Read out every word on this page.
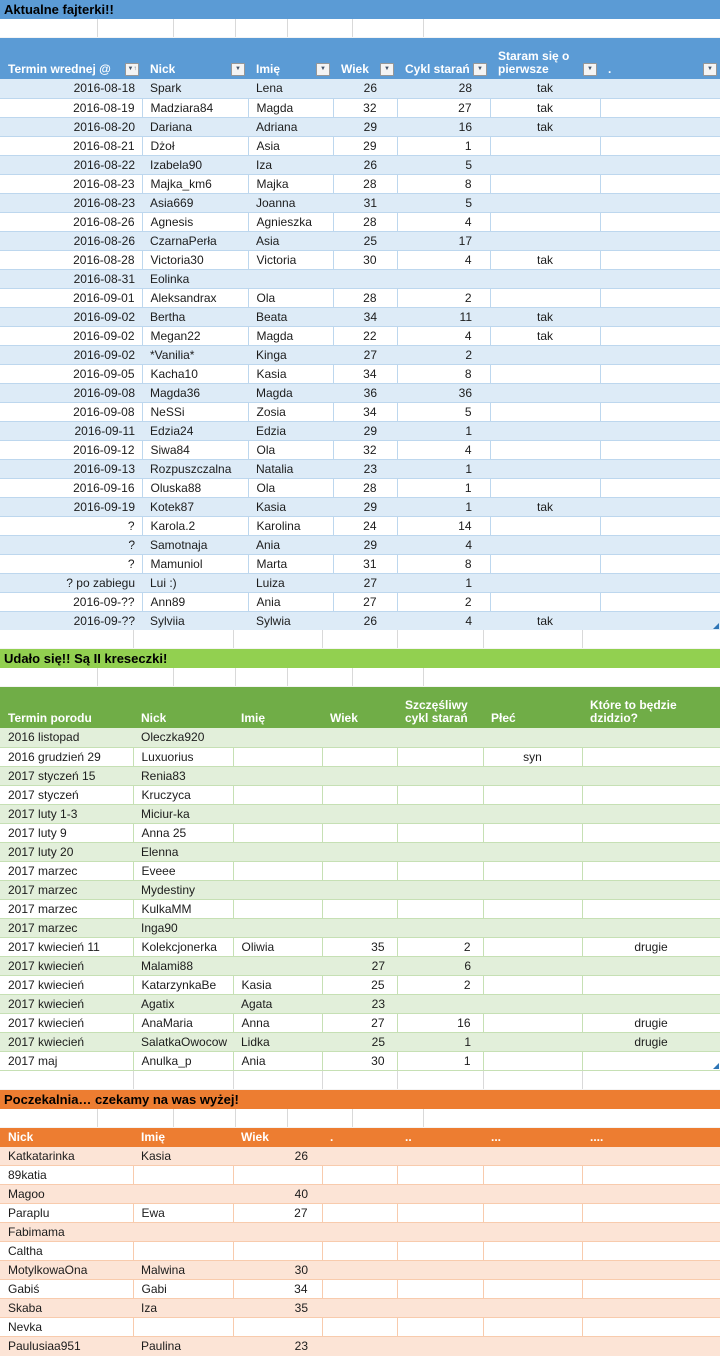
Aktualne fajterki!!
Termin wrednej @ ▼↑	Nick ▼	Imię ▼	Wiek ▼	Cykl starań ▼	Staram się o pierwsze ▼	. ▼

2016-08-18	Spark	Lena	26	28	tak	
2016-08-19	Madziara84	Magda	32	27	tak	
2016-08-20	Dariana	Adriana	29	16	tak	
2016-08-21	Dżoł	Asia	29	1		
2016-08-22	Izabela90	Iza	26	5		
2016-08-23	Majka_km6	Majka	28	8		
2016-08-23	Asia669	Joanna	31	5		
2016-08-26	Agnesis	Agnieszka	28	4		
2016-08-26	CzarnaPerła	Asia	25	17		
2016-08-28	Victoria30	Victoria	30	4	tak	
2016-08-31	Eolinka					
2016-09-01	Aleksandrax	Ola	28	2		
2016-09-02	Bertha	Beata	34	11	tak	
2016-09-02	Megan22	Magda	22	4	tak	
2016-09-02	*Vanilia*	Kinga	27	2		
2016-09-05	Kacha10	Kasia	34	8		
2016-09-08	Magda36	Magda	36	36		
2016-09-08	NeSSi	Zosia	34	5		
2016-09-11	Edzia24	Edzia	29	1		
2016-09-12	Siwa84	Ola	32	4		
2016-09-13	Rozpuszczalna	Natalia	23	1		
2016-09-16	Oluska88	Ola	28	1		
2016-09-19	Kotek87	Kasia	29	1	tak	
?	Karola.2	Karolina	24	14		
?	Samotnaja	Ania	29	4		
?	Mamuniol	Marta	31	8		
? po zabiegu	Lui :)	Luiza	27	1		
2016-09-??	Ann89	Ania	27	2		
2016-09-??	Sylviia	Sylwia	26	4	tak	
Udało się!! Są II kreseczki!
Termin porodu	Nick	Imię	Wiek	Szczęśliwy cykl starań	Płeć	Które to będzie dzidzio?

2016 listopad	Oleczka920					
2016 grudzień 29	Luxuorius				syn	
2017 styczeń 15	Renia83					
2017 styczeń	Kruczyca					
2017 luty 1-3	Miciur-ka					
2017 luty 9	Anna 25					
2017 luty 20	Elenna					
2017 marzec	Eveee					
2017 marzec	Mydestiny					
2017 marzec	KulkaMM					
2017 marzec	Inga90					
2017 kwiecień 11	Kolekcjonerka	Oliwia	35	2		drugie
2017 kwiecień	Malami88		27	6		
2017 kwiecień	KatarzynkaBe	Kasia	25	2		
2017 kwiecień	Agatix	Agata	23			
2017 kwiecień	AnaMaria	Anna	27	16		drugie
2017 kwiecień	SalatkaOwocow	Lidka	25	1		drugie
2017 maj	Anulka_p	Ania	30	1		
Poczekalnia… czekamy na was wyżej!
Nick	Imię	Wiek	.	..	...	....

Katkatarinka	Kasia	26				
89katia						
Magoo		40				
Paraplu	Ewa	27				
Fabimama						
Caltha						
MotylkowaOna	Malwina	30				
Gabiś	Gabi	34				
Skaba	Iza	35				
Nevka						
Paulusiaa951	Paulina	23				
